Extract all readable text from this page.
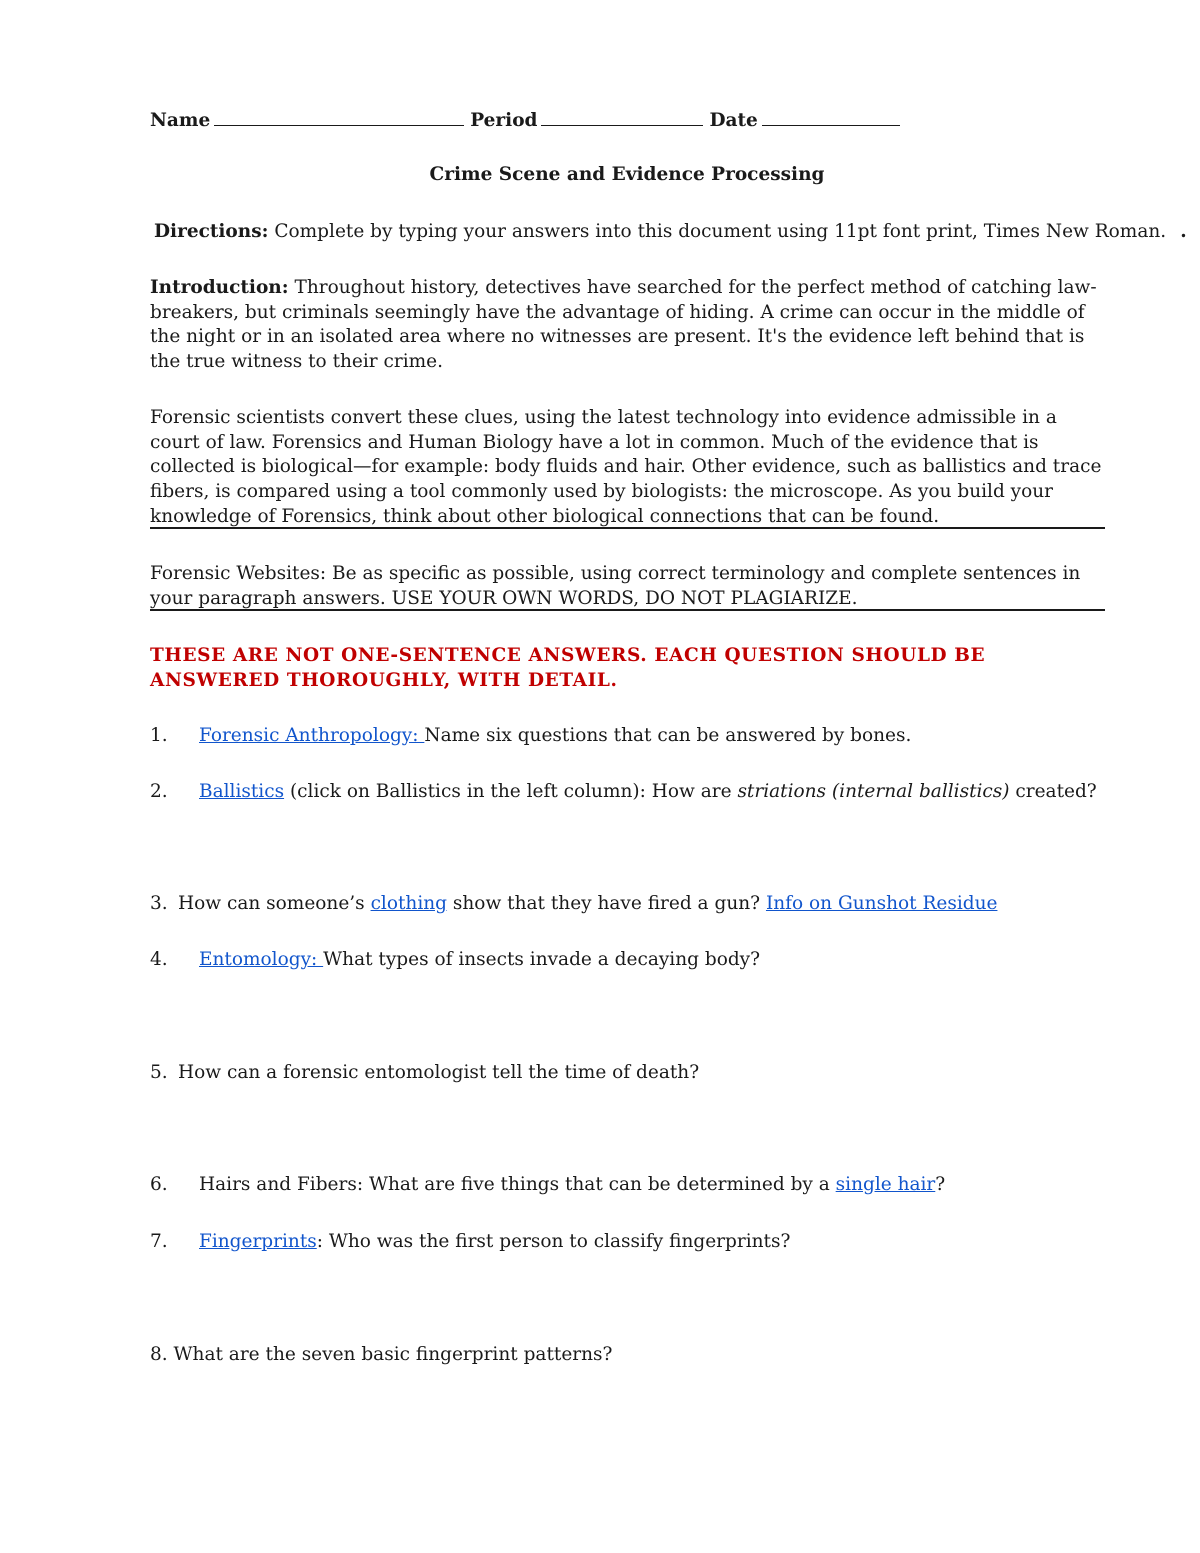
Name	Period	Date
Crime Scene and Evidence Processing
Directions: Complete by typing your answers into this document using 11pt font print, Times New Roman. .
Introduction: Throughout history, detectives have searched for the perfect method of catching law-breakers, but criminals seemingly have the advantage of hiding. A crime can occur in the middle of the night or in an isolated area where no witnesses are present. It's the evidence left behind that is the true witness to their crime.
Forensic scientists convert these clues, using the latest technology into evidence admissible in a court of law. Forensics and Human Biology have a lot in common. Much of the evidence that is collected is biological—for example: body fluids and hair. Other evidence, such as ballistics and trace fibers, is compared using a tool commonly used by biologists: the microscope. As you build your knowledge of Forensics, think about other biological connections that can be found.
Forensic Websites: Be as specific as possible, using correct terminology and complete sentences in your paragraph answers. USE YOUR OWN WORDS, DO NOT PLAGIARIZE.
THESE ARE NOT ONE-SENTENCE ANSWERS. EACH QUESTION SHOULD BE ANSWERED THOROUGHLY, WITH DETAIL.
1. Forensic Anthropology: Name six questions that can be answered by bones.
2. Ballistics (click on Ballistics in the left column): How are striations (internal ballistics) created?
3. How can someone’s clothing show that they have fired a gun? Info on Gunshot Residue
4. Entomology: What types of insects invade a decaying body?
5. How can a forensic entomologist tell the time of death?
6. Hairs and Fibers: What are five things that can be determined by a single hair?
7. Fingerprints: Who was the first person to classify fingerprints?
8. What are the seven basic fingerprint patterns?
